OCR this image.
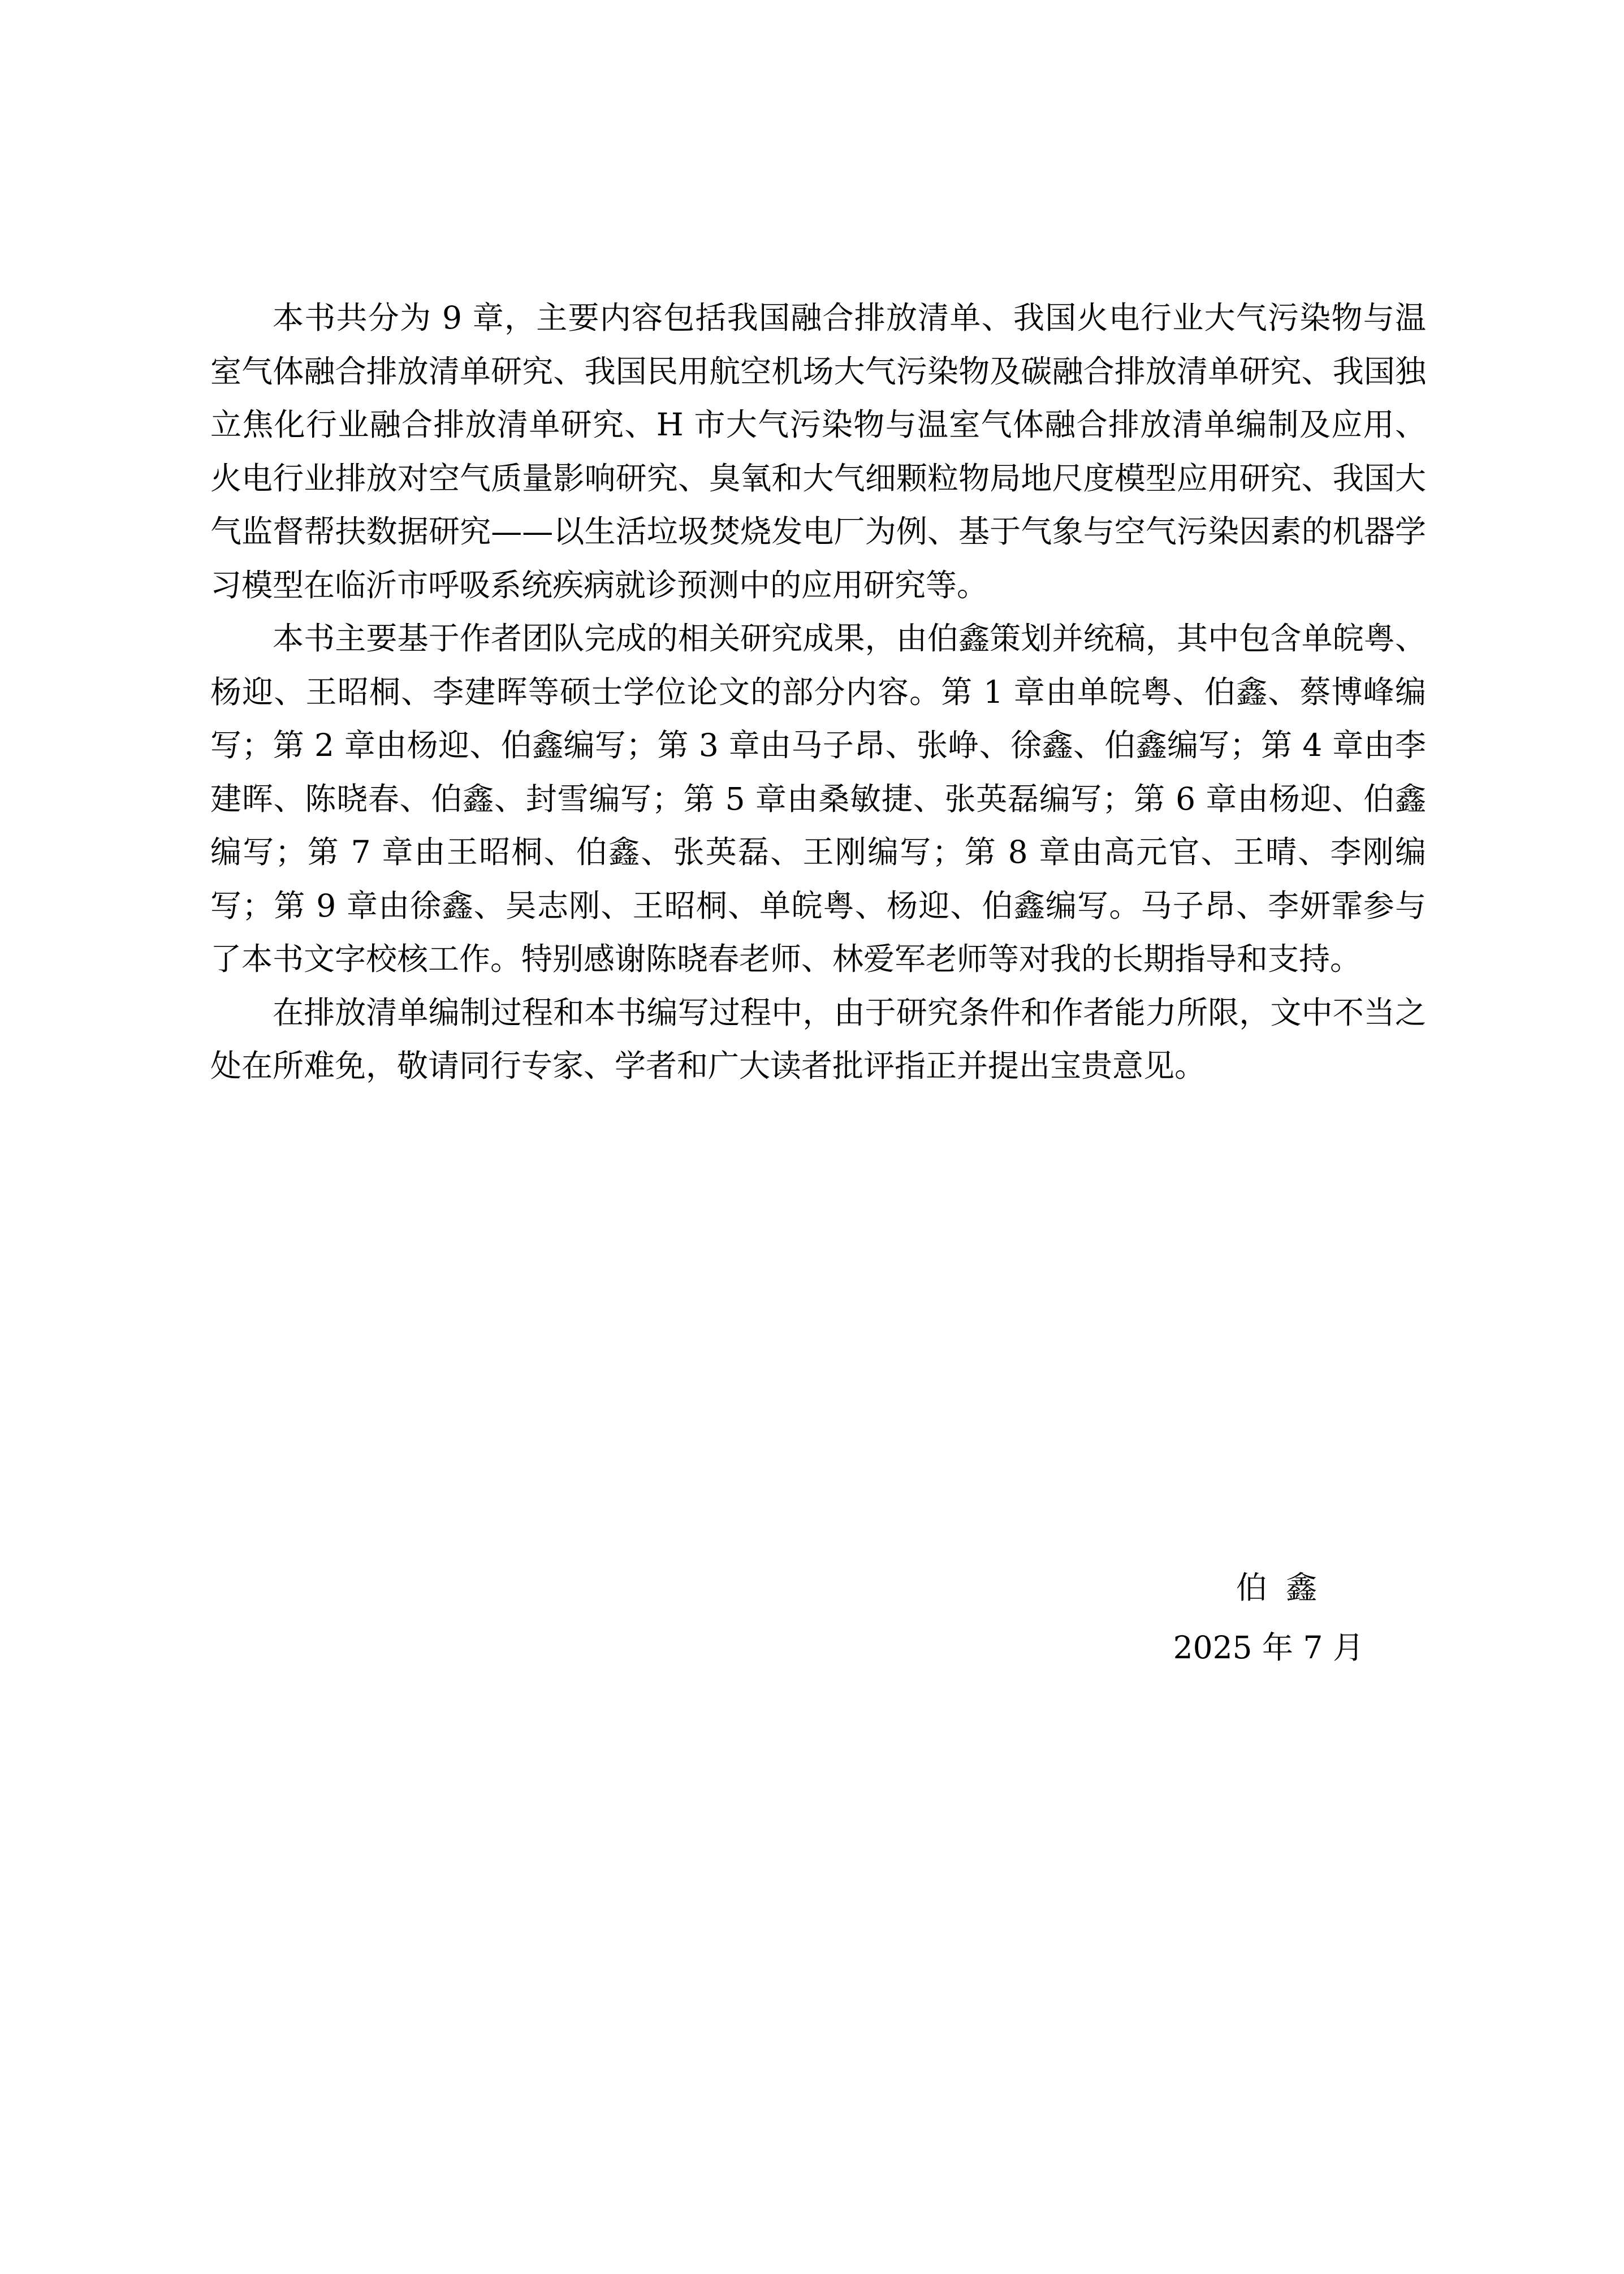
本书共分为 9 章，主要内容包括我国融合排放清单、我国火电行业大气污染物与温室气体融合排放清单研究、我国民用航空机场大气污染物及碳融合排放清单研究、我国独立焦化行业融合排放清单研究、H 市大气污染物与温室气体融合排放清单编制及应用、火电行业排放对空气质量影响研究、臭氧和大气细颗粒物局地尺度模型应用研究、我国大气监督帮扶数据研究——以生活垃圾焚烧发电厂为例、基于气象与空气污染因素的机器学习模型在临沂市呼吸系统疾病就诊预测中的应用研究等。

本书主要基于作者团队完成的相关研究成果，由伯鑫策划并统稿，其中包含单皖粤、杨迎、王昭桐、李建晖等硕士学位论文的部分内容。第 1 章由单皖粤、伯鑫、蔡博峰编写；第 2 章由杨迎、伯鑫编写；第 3 章由马子昂、张峥、徐鑫、伯鑫编写；第 4 章由李建晖、陈晓春、伯鑫、封雪编写；第 5 章由桑敏捷、张英磊编写；第 6 章由杨迎、伯鑫编写；第 7 章由王昭桐、伯鑫、张英磊、王刚编写；第 8 章由高元官、王晴、李刚编写；第 9 章由徐鑫、吴志刚、王昭桐、单皖粤、杨迎、伯鑫编写。马子昂、李妍霏参与了本书文字校核工作。特别感谢陈晓春老师、林爱军老师等对我的长期指导和支持。

在排放清单编制过程和本书编写过程中，由于研究条件和作者能力所限，文中不当之处在所难免，敬请同行专家、学者和广大读者批评指正并提出宝贵意见。

伯鑫
2025 年 7 月
